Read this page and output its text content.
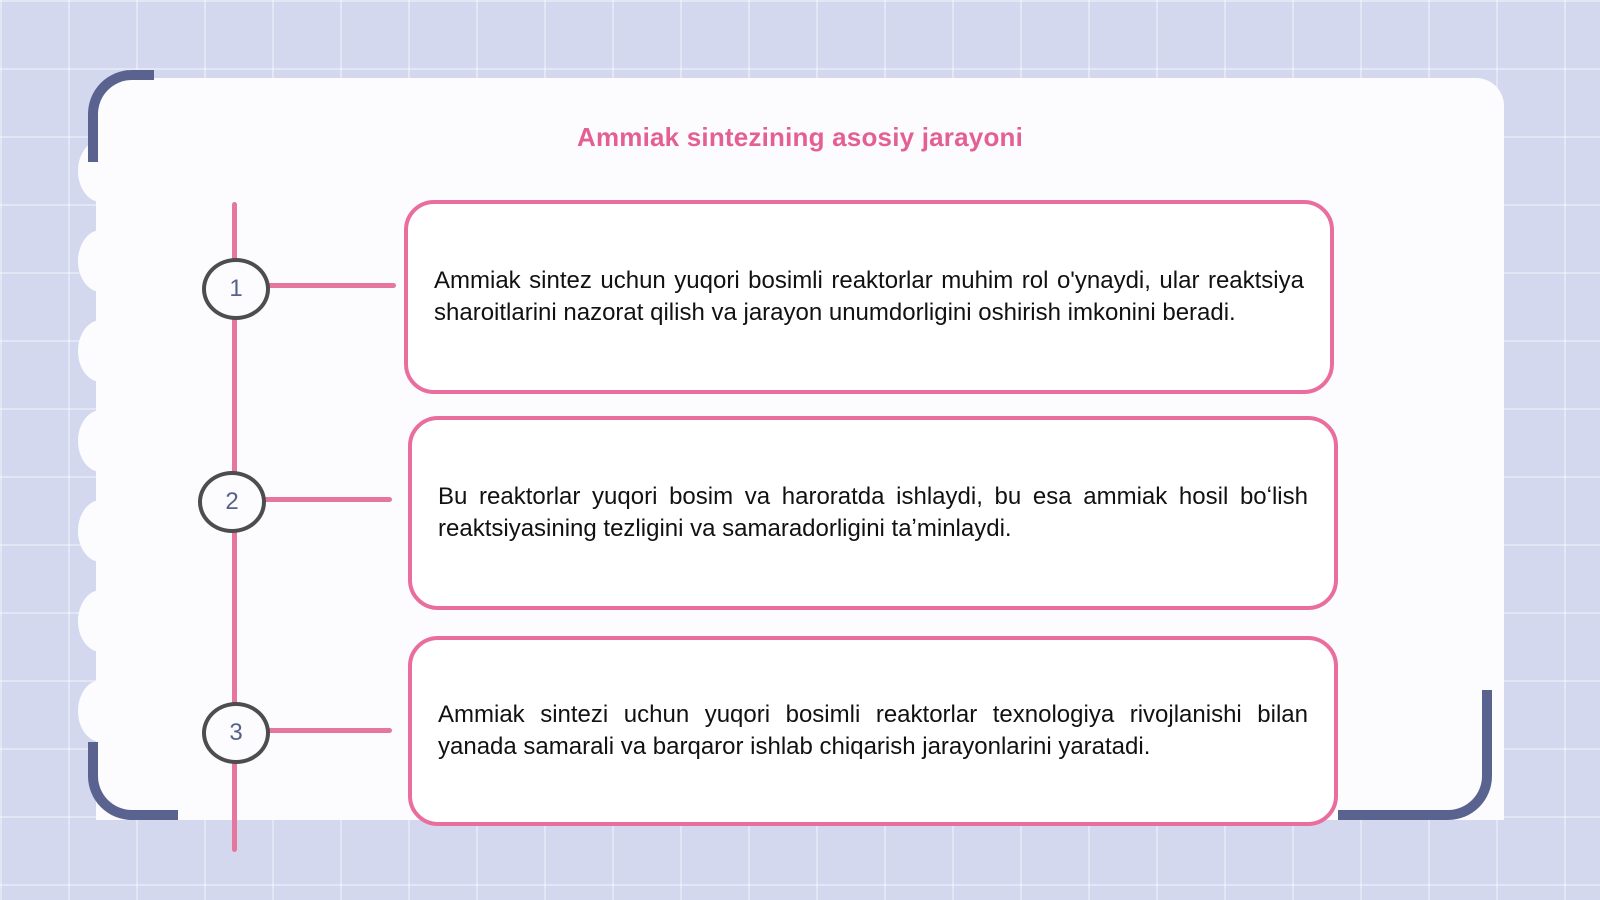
Ammiak sintezining asosiy jarayoni
1	Ammiak sintez uchun yuqori bosimli reaktorlar muhim rol o'ynaydi, ular reaktsiya sharoitlarini nazorat qilish va jarayon unumdorligini oshirish imkonini beradi.

2	Bu reaktorlar yuqori bosim va haroratda ishlaydi, bu esa ammiak hosil boʻlish reaktsiyasining tezligini va samaradorligini taʼminlaydi.

3

Ammiak sintezi uchun yuqori bosimli reaktorlar texnologiya rivojlanishi bilan yanada samarali va barqaror ishlab chiqarish jarayonlarini yaratadi.
